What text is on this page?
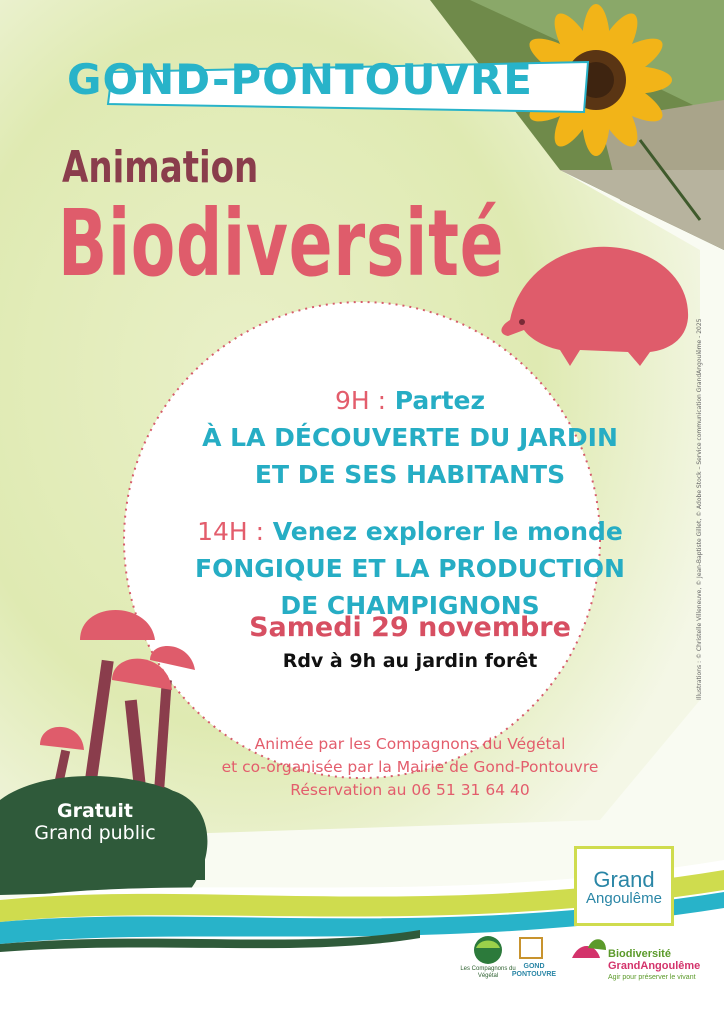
GOND-PONTOUVRE
Animation
Biodiversité
9H : Partez
À LA DÉCOUVERTE DU JARDIN
ET DE SES HABITANTS
14H : Venez explorer le monde
FONGIQUE ET LA PRODUCTION
DE CHAMPIGNONS
Samedi 29 novembre
Rdv à 9h au jardin forêt
Animée par les Compagnons du Végétal
et co-organisée par la Mairie de Gond-Pontouvre
Réservation au 06 51 31 64 40
Gratuit
Grand public
Illustrations : © Christelle Villeneuve, © Jean-Baptiste Gillet, © Adobe Stock – Service communication GrandAngoulême - 2025
Grand
Angoulême
Les Compagnons du Végétal
GOND
PONTOUVRE
Biodiversité
GrandAngoulême
Agir pour préserver le vivant
